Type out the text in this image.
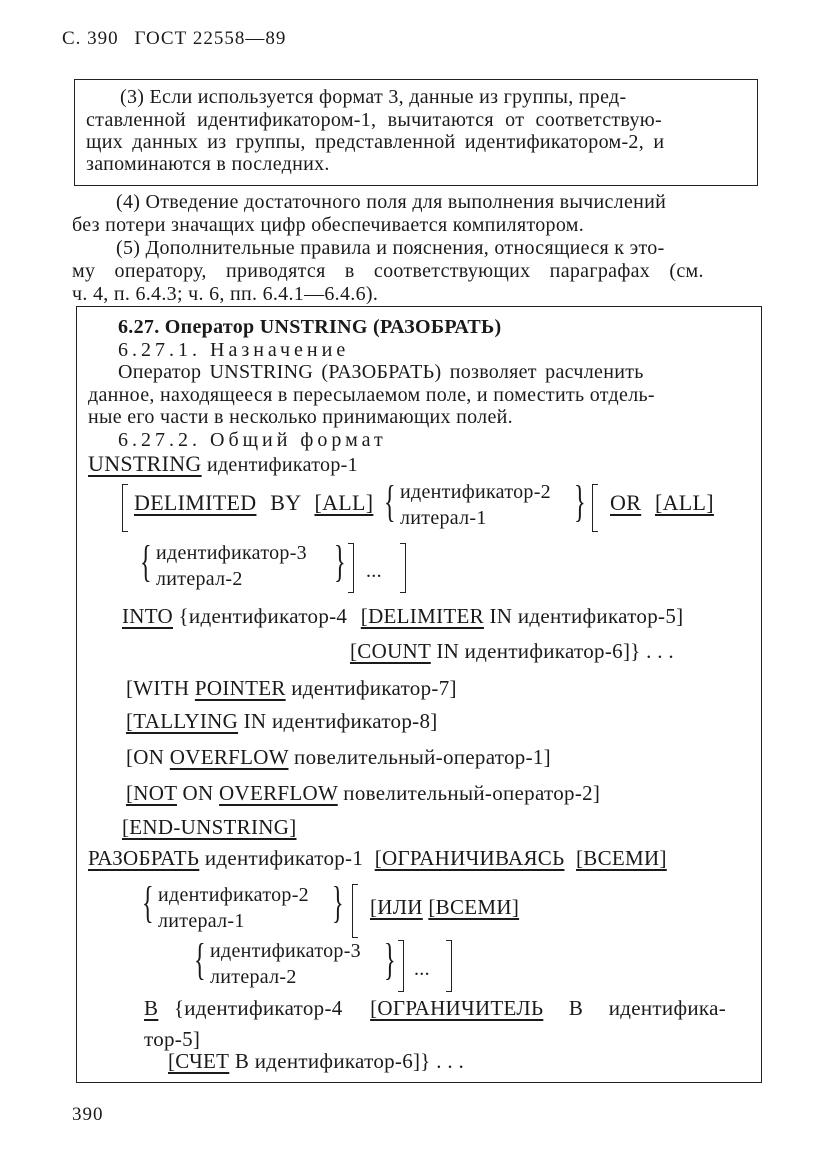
С. 390 ГОСТ 22558—89
(3) Если используется формат 3, данные из группы, пред-
ставленной идентификатором-1, вычитаются от соответствую-
щих данных из группы, представленной идентификатором-2, и
запоминаются в последних.
(4) Отведение достаточного поля для выполнения вычислений
без потери значащих цифр обеспечивается компилятором.
(5) Дополнительные правила и пояснения, относящиеся к это-
му оператору, приводятся в соответствующих параграфах (см.
ч. 4, п. 6.4.3; ч. 6, пп. 6.4.1—6.4.6).
6.27. Оператор UNSTRING (РАЗОБРАТЬ)
6.27.1. Назначение
Оператор UNSTRING (РАЗОБРАТЬ) позволяет расчленить
данное, находящееся в пересылаемом поле, и поместить отдель-
ные его части в несколько принимающих полей.
6.27.2. Общий формат
UNSTRING идентификатор-1
DELIMITED BY [ALL] { идентификатор-2
литерал-1 } OR [ALL]
{ идентификатор-3
литерал-2 } ...
INTO {идентификатор-4 [DELIMITER IN идентификатор-5]
[COUNT IN идентификатор-6]} . . .
[WITH POINTER идентификатор-7]
[TALLYING IN идентификатор-8]
[ON OVERFLOW повелительный-оператор-1]
[NOT ON OVERFLOW повелительный-оператор-2]
[END-UNSTRING]
РАЗОБРАТЬ идентификатор-1 [ОГРАНИЧИВАЯСЬ [ВСЕМИ]
{ идентификатор-2
литерал-1 } [ИЛИ [ВСЕМИ]
{ идентификатор-3
литерал-2 } ...
В {идентификатор-4 [ОГРАНИЧИТЕЛЬ В идентифика-
тор-5]
[СЧЕТ В идентификатор-6]} . . .
390
